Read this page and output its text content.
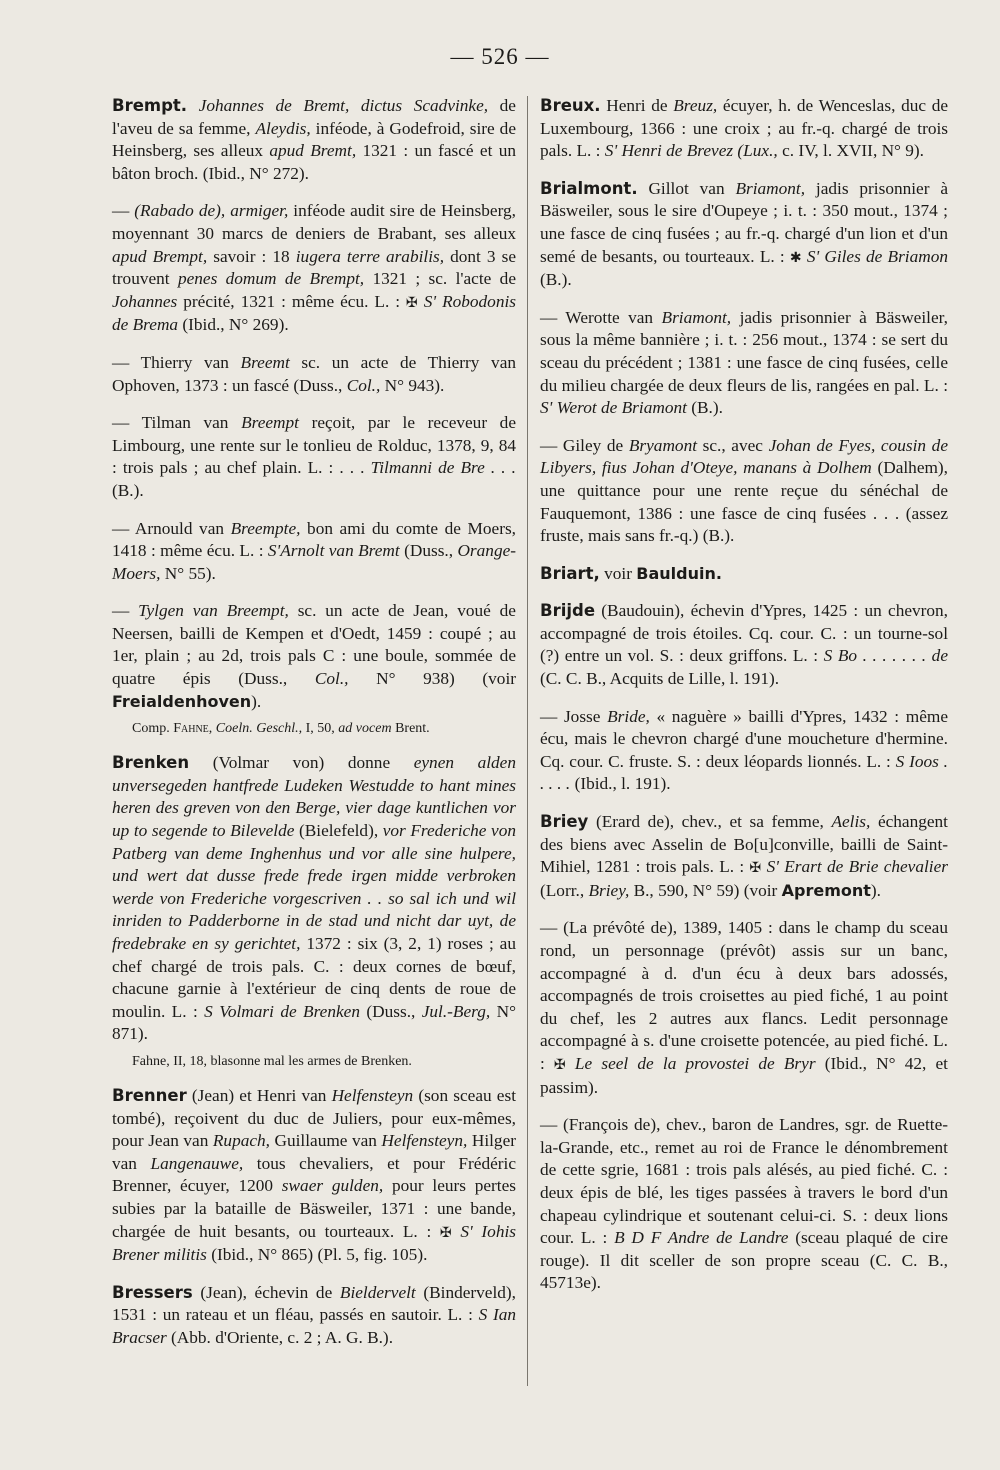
— 526 —

Brempt. Johannes de Bremt, dictus Scadvinke, de l'aveu de sa femme, Aleydis, inféode, à Godefroid, sire de Heinsberg, ses alleux apud Bremt, 1321 : un fascé et un bâton broch. (Ibid., N° 272).

— (Rabado de), armiger, inféode audit sire de Heinsberg, moyennant 30 marcs de deniers de Brabant, ses alleux apud Brempt, savoir : 18 iugera terre arabilis, dont 3 se trouvent penes domum de Brempt, 1321 ; sc. l'acte de Johannes précité, 1321 : même écu. L. : ✠ S' Robodonis de Brema (Ibid., N° 269).

— Thierry van Breemt sc. un acte de Thierry van Ophoven, 1373 : un fascé (Duss., Col., N° 943).

— Tilman van Breempt reçoit, par le receveur de Limbourg, une rente sur le tonlieu de Rolduc, 1378, 9, 84 : trois pals ; au chef plain. L. : . . . Tilmanni de Bre . . . (B.).

— Arnould van Breempte, bon ami du comte de Moers, 1418 : même écu. L. : S'Arnolt van Bremt (Duss., Orange-Moers, N° 55).

— Tylgen van Breempt, sc. un acte de Jean, voué de Neersen, bailli de Kempen et d'Oedt, 1459 : coupé ; au 1er, plain ; au 2d, trois pals C : une boule, sommée de quatre épis (Duss., Col., N° 938) (voir Freialdenhoven).

Comp. Fahne, Coeln. Geschl., I, 50, ad vocem Brent.

Brenken (Volmar von) donne eynen alden unversegeden hantfrede Ludeken Westudde to hant mines heren des greven von den Berge, vier dage kuntlichen vor up to segende to Bilevelde (Bielefeld), vor Frederiche von Patberg van deme Inghenhus und vor alle sine hulpere, und wert dat dusse frede frede irgen midde verbroken werde von Frederiche vorgescriven . . so sal ich und wil inriden to Padderborne in de stad und nicht dar uyt, de fredebrake en sy gerichtet, 1372 : six (3, 2, 1) roses ; au chef chargé de trois pals. C. : deux cornes de bœuf, chacune garnie à l'extérieur de cinq dents de roue de moulin. L. : S Volmari de Brenken (Duss., Jul.-Berg, N° 871).

Fahne, II, 18, blasonne mal les armes de Brenken.

Brenner (Jean) et Henri van Helfensteyn (son sceau est tombé), reçoivent du duc de Juliers, pour eux-mêmes, pour Jean van Rupach, Guillaume van Helfensteyn, Hilger van Langenauwe, tous chevaliers, et pour Frédéric Brenner, écuyer, 1200 swaer gulden, pour leurs pertes subies par la bataille de Bäsweiler, 1371 : une bande, chargée de huit besants, ou tourteaux. L. : ✠ S' Iohis Brener militis (Ibid., N° 865) (Pl. 5, fig. 105).

Bressers (Jean), échevin de Bieldervelt (Binderveld), 1531 : un rateau et un fléau, passés en sautoir. L. : S Ian Bracser (Abb. d'Oriente, c. 2 ; A. G. B.).

Breux. Henri de Breuz, écuyer, h. de Wenceslas, duc de Luxembourg, 1366 : une croix ; au fr.-q. chargé de trois pals. L. : S' Henri de Brevez (Lux., c. IV, l. XVII, N° 9).

Brialmont. Gillot van Briamont, jadis prisonnier à Bäsweiler, sous le sire d'Oupeye ; i. t. : 350 mout., 1374 ; une fasce de cinq fusées ; au fr.-q. chargé d'un lion et d'un semé de besants, ou tourteaux. L. : ✱ S' Giles de Briamon (B.).

— Werotte van Briamont, jadis prisonnier à Bäsweiler, sous la même bannière ; i. t. : 256 mout., 1374 : se sert du sceau du précédent ; 1381 : une fasce de cinq fusées, celle du milieu chargée de deux fleurs de lis, rangées en pal. L. : S' Werot de Briamont (B.).

— Giley de Bryamont sc., avec Johan de Fyes, cousin de Libyers, fius Johan d'Oteye, manans à Dolhem (Dalhem), une quittance pour une rente reçue du sénéchal de Fauquemont, 1386 : une fasce de cinq fusées . . . (assez fruste, mais sans fr.-q.) (B.).

Briart, voir Baulduin.

Brijde (Baudouin), échevin d'Ypres, 1425 : un chevron, accompagné de trois étoiles. Cq. cour. C. : un tourne-sol (?) entre un vol. S. : deux griffons. L. : S Bo . . . . . . . de (C. C. B., Acquits de Lille, l. 191).

— Josse Bride, « naguère » bailli d'Ypres, 1432 : même écu, mais le chevron chargé d'une moucheture d'hermine. Cq. cour. C. fruste. S. : deux léopards lionnés. L. : S Ioos . . . . . (Ibid., l. 191).

Briey (Erard de), chev., et sa femme, Aelis, échangent des biens avec Asselin de Bo[u]conville, bailli de Saint-Mihiel, 1281 : trois pals. L. : ✠ S' Erart de Brie chevalier (Lorr., Briey, B., 590, N° 59) (voir Apremont).

— (La prévôté de), 1389, 1405 : dans le champ du sceau rond, un personnage (prévôt) assis sur un banc, accompagné à d. d'un écu à deux bars adossés, accompagnés de trois croisettes au pied fiché, 1 au point du chef, les 2 autres aux flancs. Ledit personnage accompagné à s. d'une croisette potencée, au pied fiché. L. : ✠ Le seel de la provostei de Bryr (Ibid., N° 42, et passim).

— (François de), chev., baron de Landres, sgr. de Ruette-la-Grande, etc., remet au roi de France le dénombrement de cette sgrie, 1681 : trois pals alésés, au pied fiché. C. : deux épis de blé, les tiges passées à travers le bord d'un chapeau cylindrique et soutenant celui-ci. S. : deux lions cour. L. : B D F Andre de Landre (sceau plaqué de cire rouge). Il dit sceller de son propre sceau (C. C. B., 45713e).
